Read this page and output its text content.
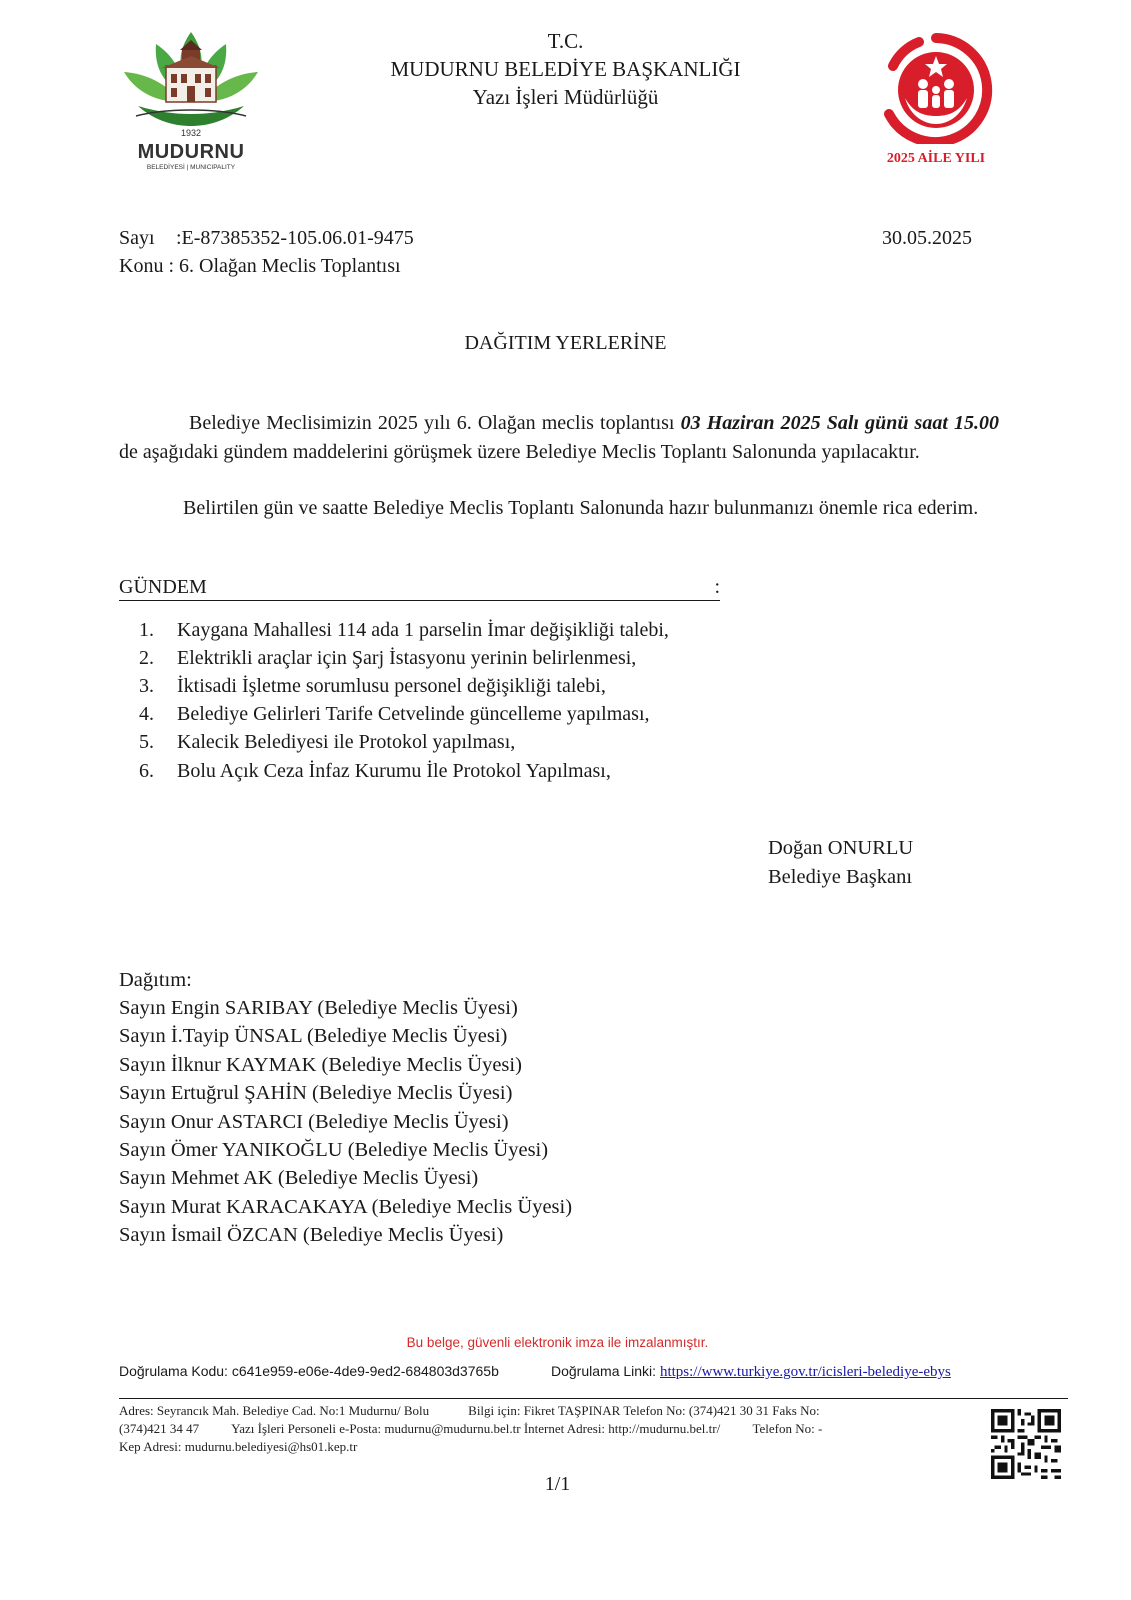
1932
MUDURNU
BELEDİYESİ | MUNICIPALITY
T.C.
MUDURNU BELEDİYE BAŞKANLIĞI
Yazı İşleri Müdürlüğü
2025 AİLE YILI
Sayı :E-87385352-105.06.01-9475	30.05.2025
Konu : 6. Olağan Meclis Toplantısı
DAĞITIM YERLERİNE
Belediye Meclisimizin 2025 yılı 6. Olağan meclis toplantısı 03 Haziran 2025 Salı günü saat 15.00 de aşağıdaki gündem maddelerini görüşmek üzere Belediye Meclis Toplantı Salonunda yapılacaktır.
Belirtilen gün ve saatte Belediye Meclis Toplantı Salonunda hazır bulunmanızı önemle rica ederim.
GÜNDEM	:
1. Kaygana Mahallesi 114 ada 1 parselin İmar değişikliği talebi,
2. Elektrikli araçlar için Şarj İstasyonu yerinin belirlenmesi,
3. İktisadi İşletme sorumlusu personel değişikliği talebi,
4. Belediye Gelirleri Tarife Cetvelinde güncelleme yapılması,
5. Kalecik Belediyesi ile Protokol yapılması,
6. Bolu Açık Ceza İnfaz Kurumu İle Protokol Yapılması,
Doğan ONURLU
Belediye Başkanı
Dağıtım:
Sayın Engin SARIBAY (Belediye Meclis Üyesi)
Sayın İ.Tayip ÜNSAL (Belediye Meclis Üyesi)
Sayın İlknur KAYMAK (Belediye Meclis Üyesi)
Sayın Ertuğrul ŞAHİN (Belediye Meclis Üyesi)
Sayın Onur ASTARCI (Belediye Meclis Üyesi)
Sayın Ömer YANIKOĞLU (Belediye Meclis Üyesi)
Sayın Mehmet AK (Belediye Meclis Üyesi)
Sayın Murat KARACAKAYA (Belediye Meclis Üyesi)
Sayın İsmail ÖZCAN (Belediye Meclis Üyesi)
Bu belge, güvenli elektronik imza ile imzalanmıştır.
Doğrulama Kodu: c641e959-e06e-4de9-9ed2-684803d3765b	Doğrulama Linki: https://www.turkiye.gov.tr/icisleri-belediye-ebys
Adres: Seyrancık Mah. Belediye Cad. No:1 Mudurnu/ Bolu            Bilgi için: Fikret TAŞPINAR Telefon No: (374)421 30 31 Faks No:
(374)421 34 47          Yazı İşleri Personeli e-Posta: mudurnu@mudurnu.bel.tr İnternet Adresi: http://mudurnu.bel.tr/          Telefon No: -
Kep Adresi: mudurnu.belediyesi@hs01.kep.tr
1/1
